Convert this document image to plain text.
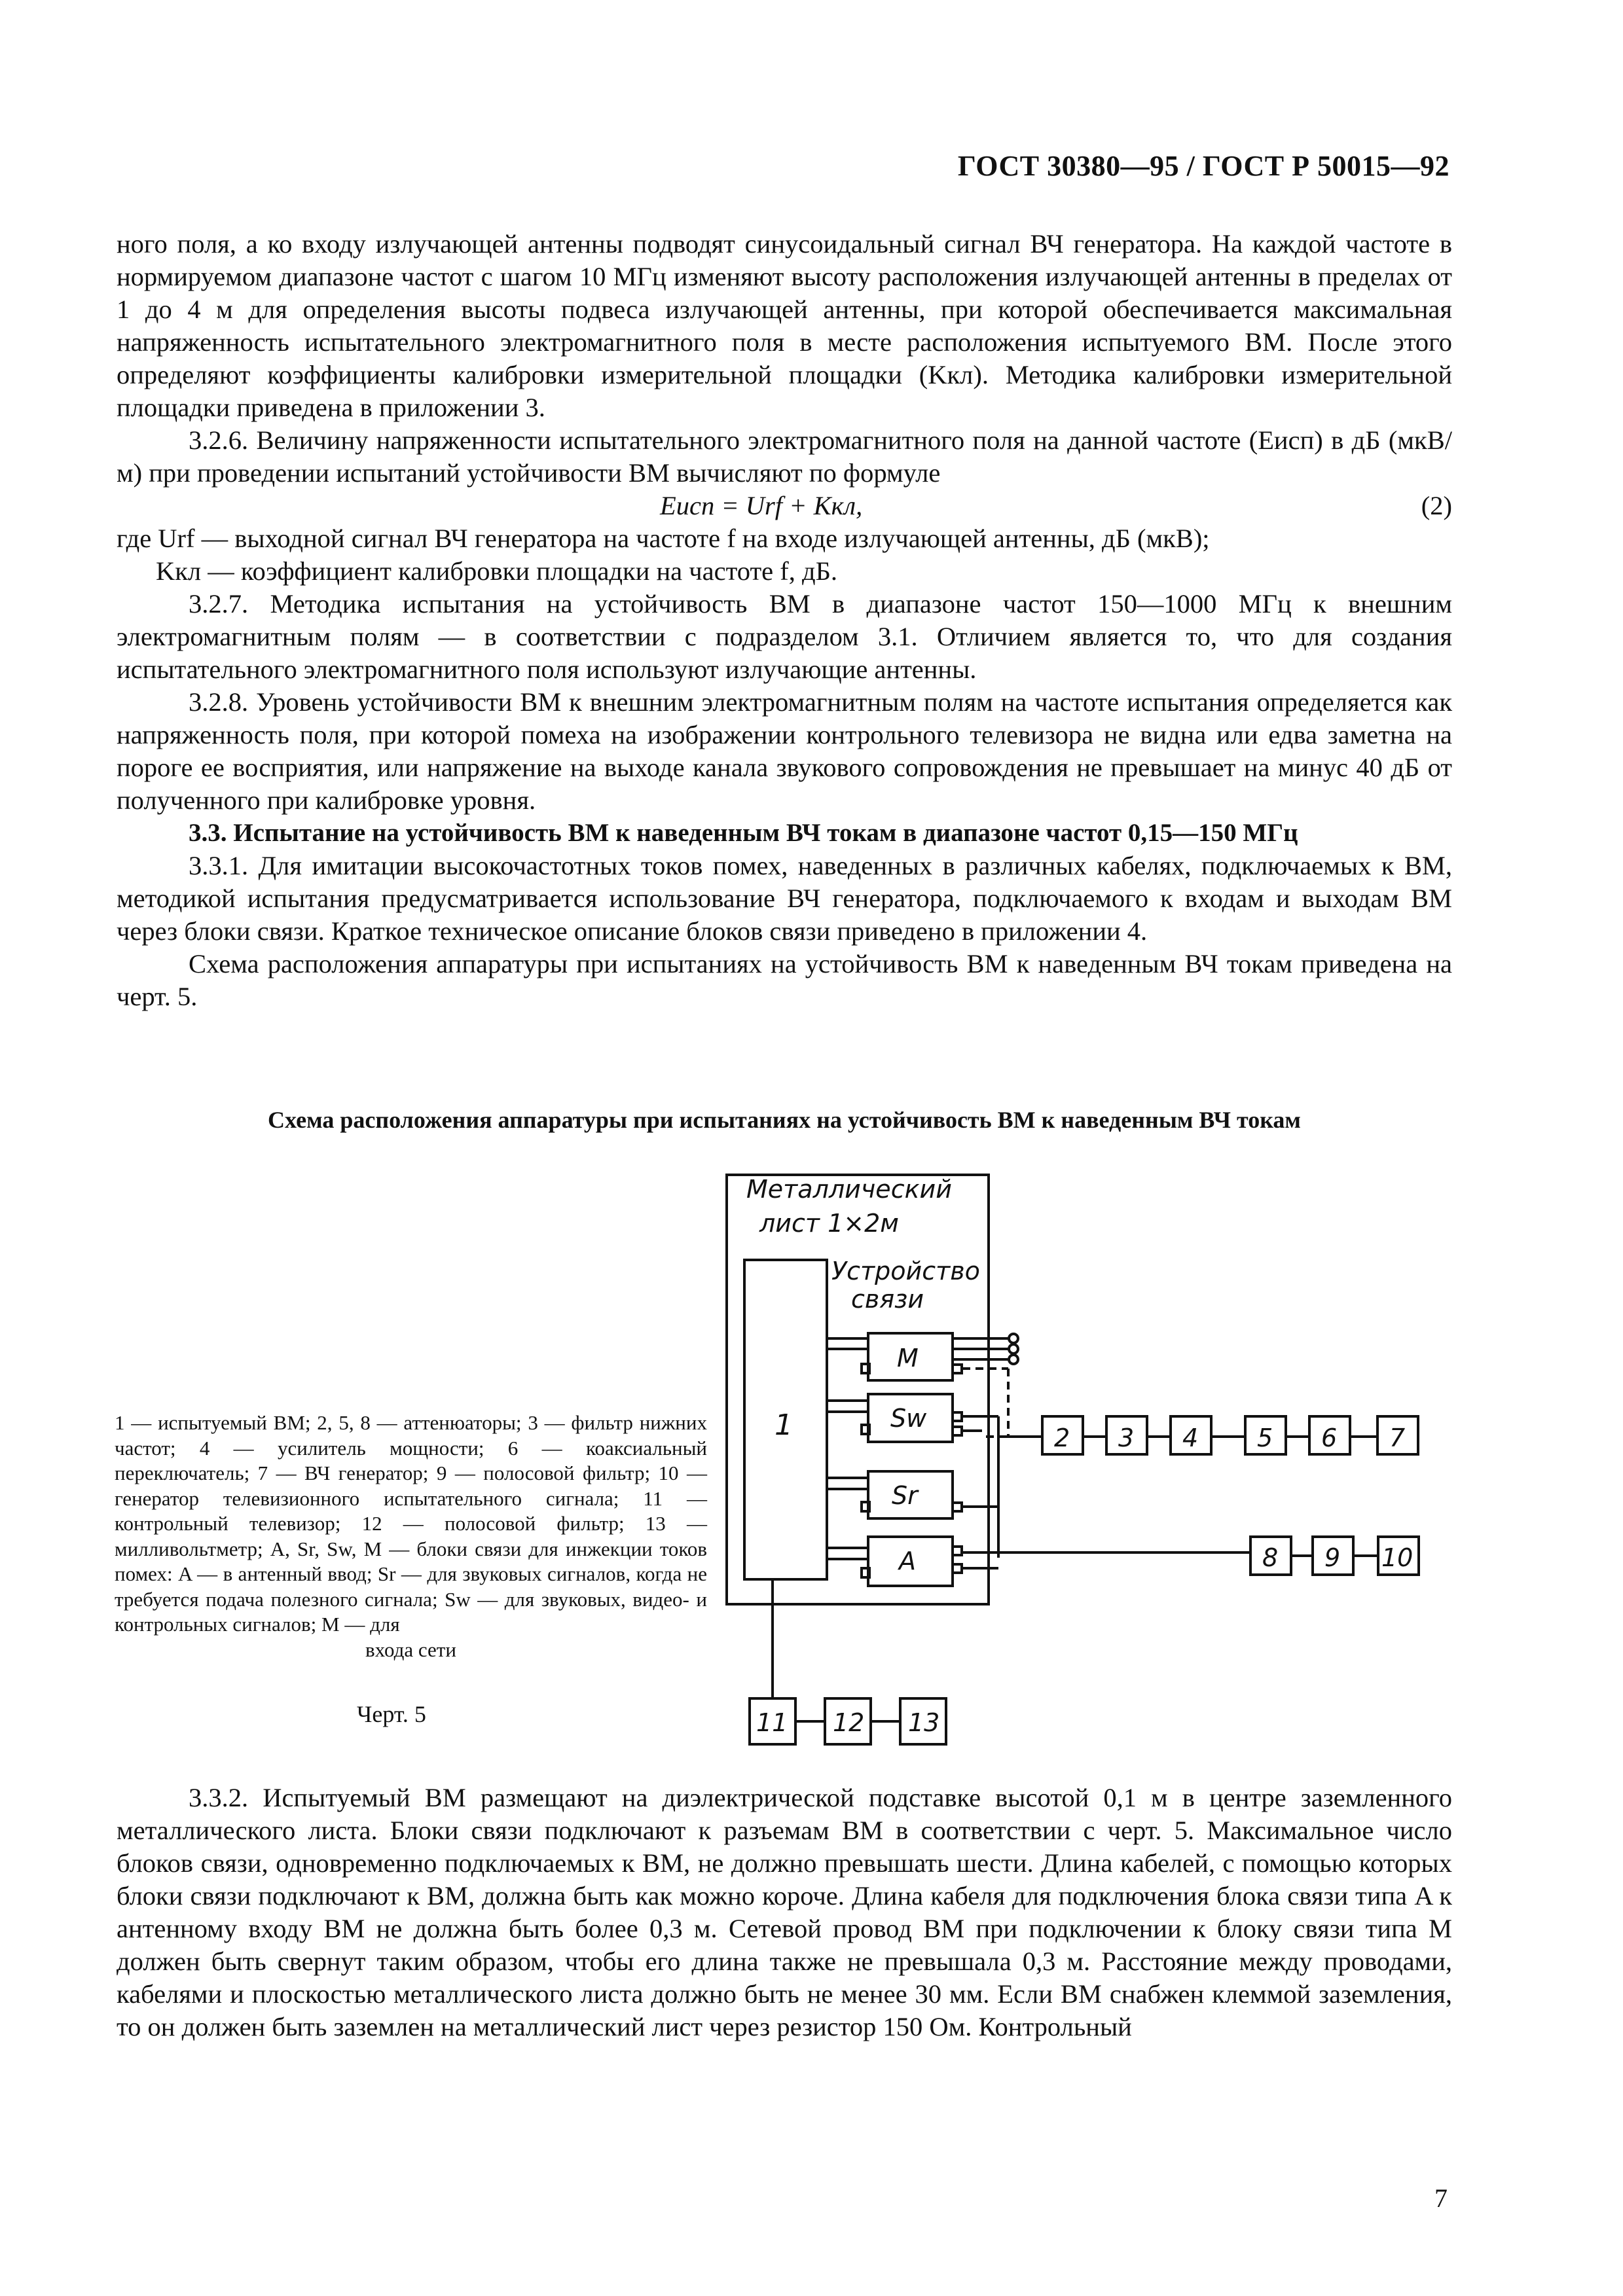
ГОСТ 30380—95 / ГОСТ Р 50015—92

ного поля, а ко входу излучающей антенны подводят синусоидальный сигнал ВЧ генератора. На каждой частоте в нормируемом диапазоне частот с шагом 10 МГц изменяют высоту расположения излучающей антенны в пределах от 1 до 4 м для определения высоты подвеса излучающей антенны, при которой обеспечивается максимальная напряженность испытательного электромагнитного поля в месте расположения испытуемого ВМ. После этого определяют коэффициенты калибровки измерительной площадки (Kкл). Методика калибровки измерительной площадки приведена в приложении 3.

3.2.6. Величину напряженности испытательного электромагнитного поля на данной частоте (Eисп) в дБ (мкВ/м) при проведении испытаний устойчивости ВМ вычисляют по формуле

Eисп = Urf + Kкл,	(2)

где Urf — выходной сигнал ВЧ генератора на частоте f на входе излучающей антенны, дБ (мкВ);

Kкл — коэффициент калибровки площадки на частоте f, дБ.

3.2.7. Методика испытания на устойчивость ВМ в диапазоне частот 150—1000 МГц к внешним электромагнитным полям — в соответствии с подразделом 3.1. Отличием является то, что для создания испытательного электромагнитного поля используют излучающие антенны.

3.2.8. Уровень устойчивости ВМ к внешним электромагнитным полям на частоте испытания определяется как напряженность поля, при которой помеха на изображении контрольного телевизора не видна или едва заметна на пороге ее восприятия, или напряжение на выходе канала звукового сопровождения не превышает на минус 40 дБ от полученного при калибровке уровня.

3.3. Испытание на устойчивость ВМ к наведенным ВЧ токам в диапазоне частот 0,15—150 МГц

3.3.1. Для имитации высокочастотных токов помех, наведенных в различных кабелях, подключаемых к ВМ, методикой испытания предусматривается использование ВЧ генератора, подключаемого к входам и выходам ВМ через блоки связи. Краткое техническое описание блоков связи приведено в приложении 4.

Схема расположения аппаратуры при испытаниях на устойчивость ВМ к наведенным ВЧ токам приведена на черт. 5.

Схема расположения аппаратуры при испытаниях на устойчивость ВМ к наведенным ВЧ токам
Металлический
лист 1×2м
Устройство
связи
1
M
Sw
Sr
A
2 3 4 5 6 7
8 9 10
11 12 13

1 — испытуемый ВМ; 2, 5, 8 — аттенюаторы; 3 — фильтр нижних частот; 4 — усилитель мощности; 6 — коаксиальный переключатель; 7 — ВЧ генератор; 9 — полосовой фильтр; 10 — генератор телевизионного испытательного сигнала; 11 — контрольный телевизор; 12 — полосовой фильтр; 13 — милливольтметр; A, Sr, Sw, M — блоки связи для инжекции токов помех: A — в антенный ввод; Sr — для звуковых сигналов, когда не требуется подача полезного сигнала; Sw — для звуковых, видео- и контрольных сигналов; M — для

входа сети

Черт. 5

3.3.2. Испытуемый ВМ размещают на диэлектрической подставке высотой 0,1 м в центре заземленного металлического листа. Блоки связи подключают к разъемам ВМ в соответствии с черт. 5. Максимальное число блоков связи, одновременно подключаемых к ВМ, не должно превышать шести. Длина кабелей, с помощью которых блоки связи подключают к ВМ, должна быть как можно короче. Длина кабеля для подключения блока связи типа A к антенному входу ВМ не должна быть более 0,3 м. Сетевой провод ВМ при подключении к блоку связи типа M должен быть свернут таким образом, чтобы его длина также не превышала 0,3 м. Расстояние между проводами, кабелями и плоскостью металлического листа должно быть не менее 30 мм. Если ВМ снабжен клеммой заземления, то он должен быть заземлен на металлический лист через резистор 150 Ом. Контрольный

7
